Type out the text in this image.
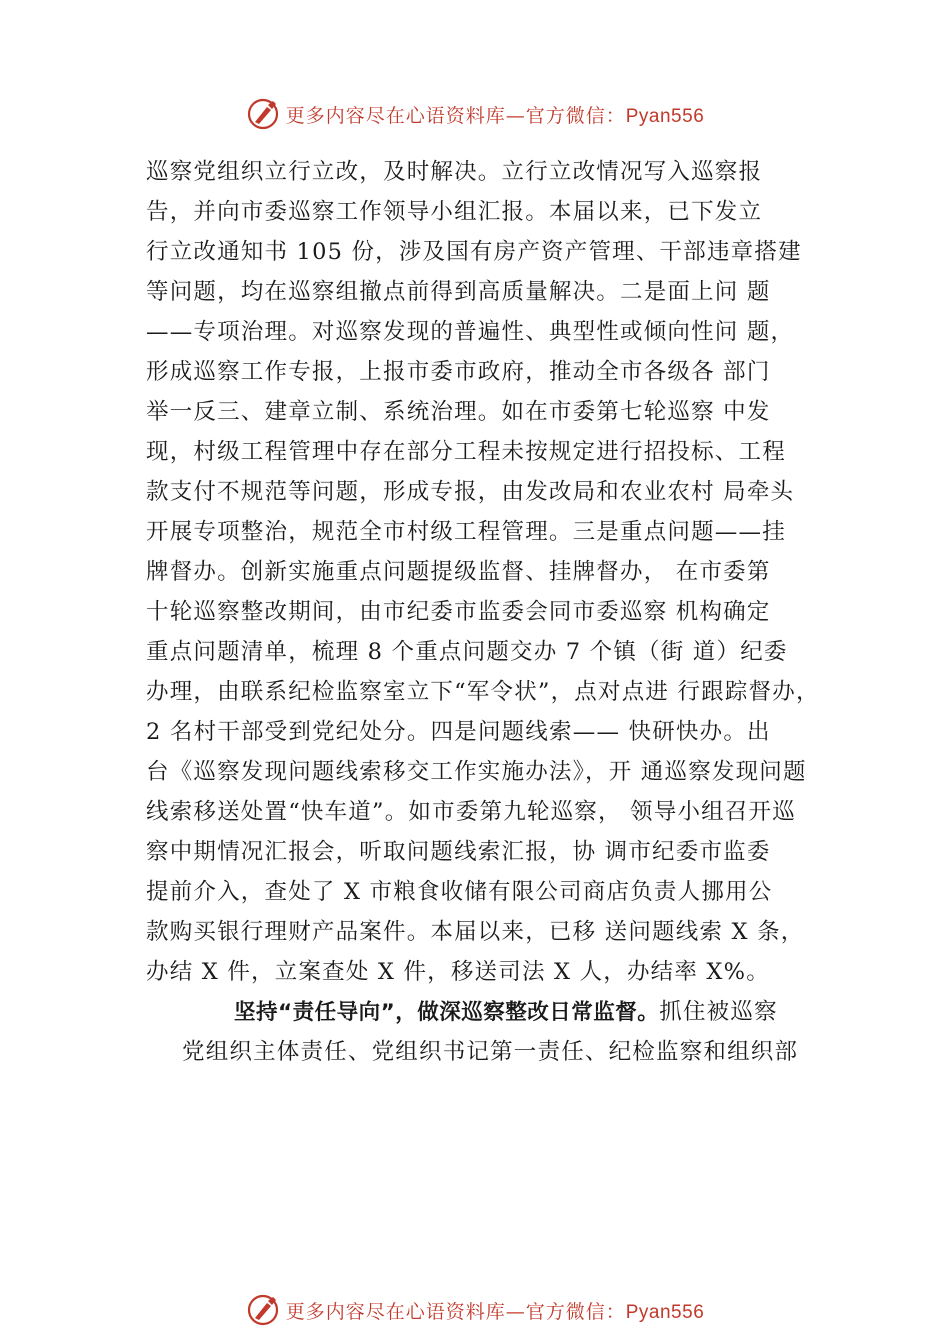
更多内容尽在心语资料库—官方微信：Pyan556
巡察党组织立行立改，及时解决。立行立改情况写入巡察报
告，并向市委巡察工作领导小组汇报。本届以来，已下发立
行立改通知书 105 份，涉及国有房产资产管理、干部违章搭建
等问题，均在巡察组撤点前得到高质量解决。二是面上问 题
——专项治理。对巡察发现的普遍性、典型性或倾向性问 题，
形成巡察工作专报，上报市委市政府，推动全市各级各 部门
举一反三、建章立制、系统治理。如在市委第七轮巡察 中发
现，村级工程管理中存在部分工程未按规定进行招投标、工程
款支付不规范等问题，形成专报，由发改局和农业农村 局牵头
开展专项整治，规范全市村级工程管理。三是重点问题——挂
牌督办。创新实施重点问题提级监督、挂牌督办， 在市委第
十轮巡察整改期间，由市纪委市监委会同市委巡察 机构确定
重点问题清单，梳理 8 个重点问题交办 7 个镇（街 道）纪委
办理，由联系纪检监察室立下“军令状”，点对点进 行跟踪督办，
2 名村干部受到党纪处分。四是问题线索—— 快研快办。出
台《巡察发现问题线索移交工作实施办法》，开 通巡察发现问题
线索移送处置“快车道”。如市委第九轮巡察， 领导小组召开巡
察中期情况汇报会，听取问题线索汇报，协 调市纪委市监委
提前介入，查处了 X 市粮食收储有限公司商店负责人挪用公
款购买银行理财产品案件。本届以来，已移 送问题线索 X 条，
办结 X 件，立案查处 X 件，移送司法 X 人，办结率 X%。
坚持“责任导向”，做深巡察整改日常监督。抓住被巡察
党组织主体责任、党组织书记第一责任、纪检监察和组织部
更多内容尽在心语资料库—官方微信：Pyan556
